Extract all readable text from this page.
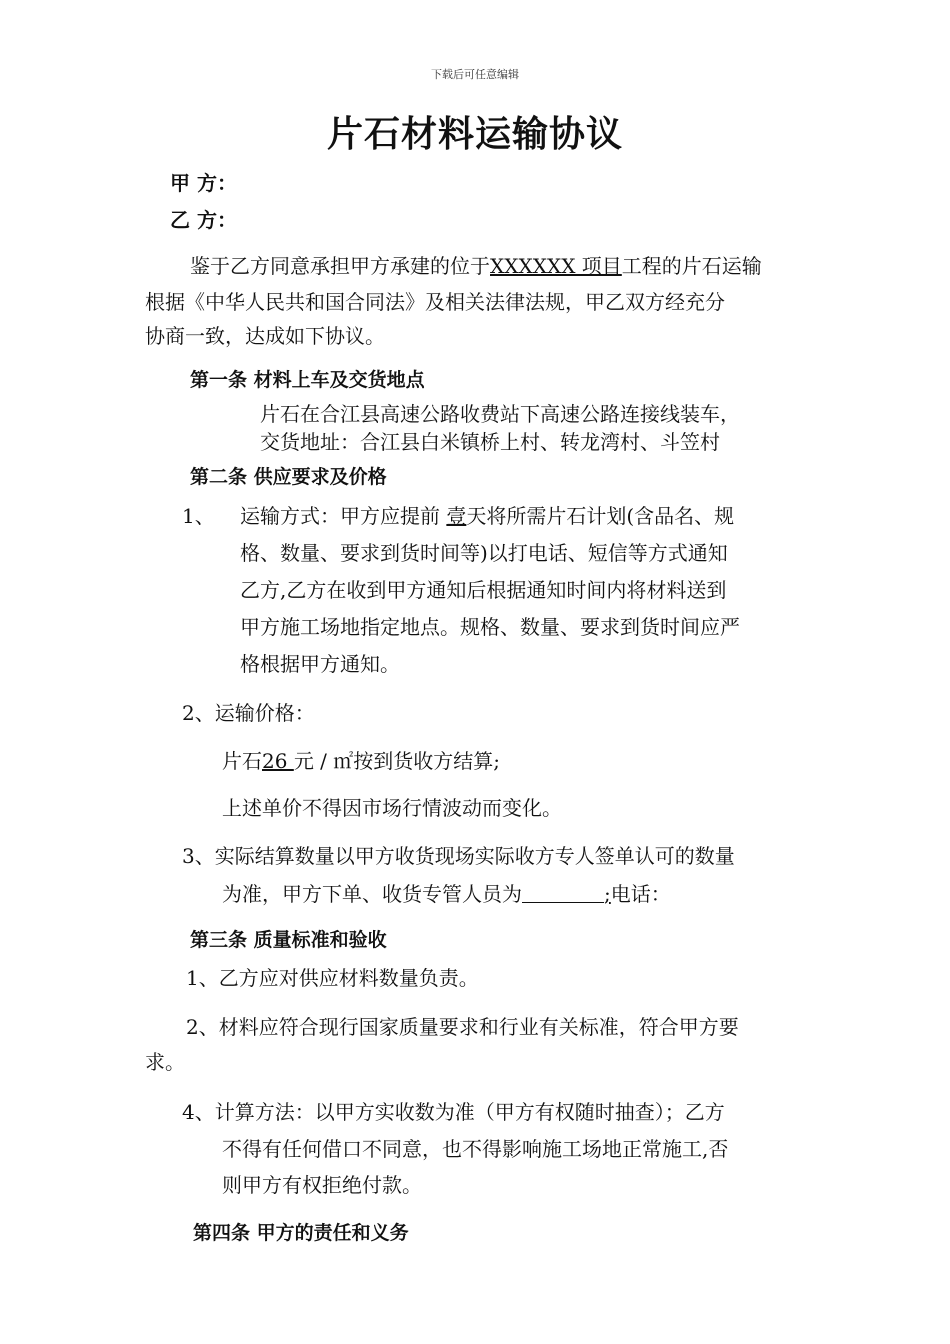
下载后可任意编辑
片石材料运输协议
甲 方：
乙 方：
鉴于乙方同意承担甲方承建的位于XXXXXX 项目工程的片石运输
根据《中华人民共和国合同法》及相关法律法规，甲乙双方经充分
协商一致，达成如下协议。
第一条 材料上车及交货地点
片石在合江县高速公路收费站下高速公路连接线装车，
交货地址：合江县白米镇桥上村、转龙湾村、斗笠村
第二条 供应要求及价格
1、 运输方式：甲方应提前 壹天将所需片石计划(含品名、规
格、数量、要求到货时间等)以打电话、短信等方式通知
乙方,乙方在收到甲方通知后根据通知时间内将材料送到
甲方施工场地指定地点。规格、数量、要求到货时间应严
格根据甲方通知。
2、运输价格：
片石26 元 / ㎡按到货收方结算;
上述单价不得因市场行情波动而变化。
3、实际结算数量以甲方收货现场实际收方专人签单认可的数量
为准，甲方下单、收货专管人员为	;电话：
第三条 质量标准和验收
1、乙方应对供应材料数量负责。
2、材料应符合现行国家质量要求和行业有关标准，符合甲方要
求。
4、计算方法：以甲方实收数为准（甲方有权随时抽查）；乙方
不得有任何借口不同意，也不得影响施工场地正常施工,否
则甲方有权拒绝付款。
第四条 甲方的责任和义务
